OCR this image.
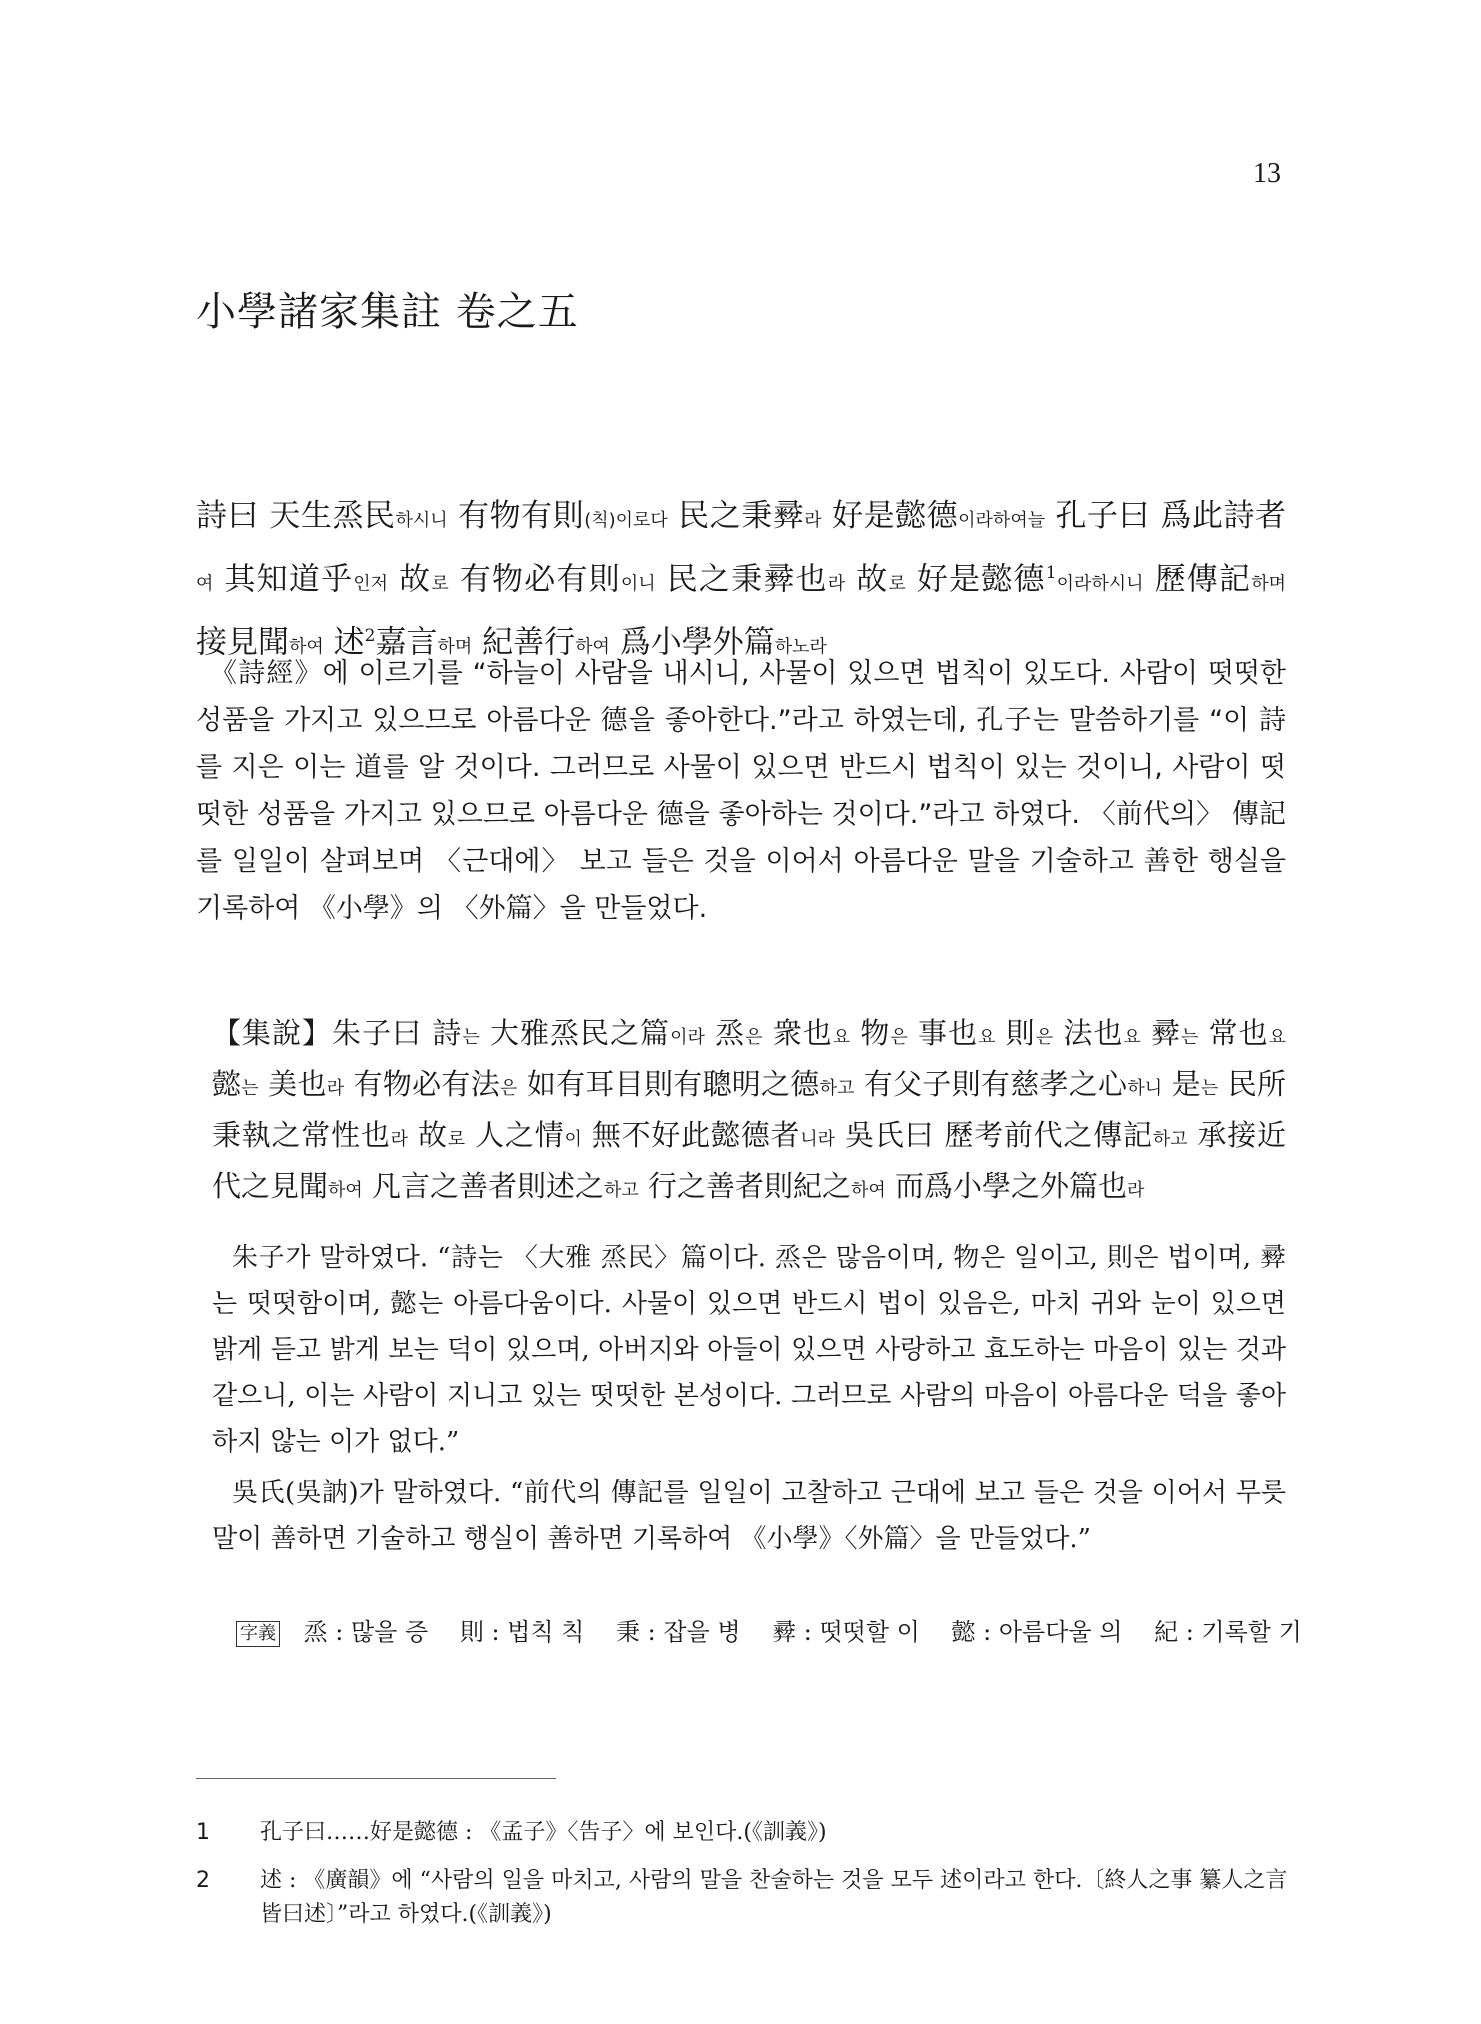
13
小學諸家集註 卷之五

詩曰 天生烝民하시니 有物有則(칙)이로다 民之秉彛라 好是懿德이라하여늘 孔子曰 爲此詩者여 其知道乎인저 故로 有物必有則이니 民之秉彛也라 故로 好是懿德$^1$이라하시니 歷傳記하며 接見聞하여 述$^2$嘉言하며 紀善行하여 爲小學外篇하노라

《詩經》에 이르기를 “하늘이 사람을 내시니, 사물이 있으면 법칙이 있도다. 사람이 떳떳한 성품을 가지고 있으므로 아름다운 德을 좋아한다.”라고 하였는데, 孔子는 말씀하기를 “이 詩를 지은 이는 道를 알 것이다. 그러므로 사물이 있으면 반드시 법칙이 있는 것이니, 사람이 떳떳한 성품을 가지고 있으므로 아름다운 德을 좋아하는 것이다.”라고 하였다. 〈前代의〉 傳記를 일일이 살펴보며 〈근대에〉 보고 들은 것을 이어서 아름다운 말을 기술하고 善한 행실을 기록하여 《小學》의 〈外篇〉을 만들었다.

【集說】朱子曰 詩는 大雅烝民之篇이라 烝은 衆也요 物은 事也요 則은 法也요 彛는 常也요 懿는 美也라 有物必有法은 如有耳目則有聰明之德하고 有父子則有慈孝之心하니 是는 民所秉執之常性也라 故로 人之情이 無不好此懿德者니라 吳氏曰 歷考前代之傳記하고 承接近代之見聞하여 凡言之善者則述之하고 行之善者則紀之하여 而爲小學之外篇也라

朱子가 말하였다. “詩는 〈大雅 烝民〉篇이다. 烝은 많음이며, 物은 일이고, 則은 법이며, 彛는 떳떳함이며, 懿는 아름다움이다. 사물이 있으면 반드시 법이 있음은, 마치 귀와 눈이 있으면 밝게 듣고 밝게 보는 덕이 있으며, 아버지와 아들이 있으면 사랑하고 효도하는 마음이 있는 것과 같으니, 이는 사람이 지니고 있는 떳떳한 본성이다. 그러므로 사람의 마음이 아름다운 덕을 좋아하지 않는 이가 없다.”

吳氏(吳訥)가 말하였다. “前代의 傳記를 일일이 고찰하고 근대에 보고 들은 것을 이어서 무릇 말이 善하면 기술하고 행실이 善하면 기록하여 《小學》〈外篇〉을 만들었다.”

字義 烝 : 많을 증 則 : 법칙 칙 秉 : 잡을 병 彛 : 떳떳할 이 懿 : 아름다울 의 紀 : 기록할 기
1 孔子曰……好是懿德 : 《孟子》〈告子〉에 보인다.(《訓義》)
2 述 : 《廣韻》에 “사람의 일을 마치고, 사람의 말을 찬술하는 것을 모두 述이라고 한다.〔終人之事 纂人之言 皆曰述〕”라고 하였다.(《訓義》)
